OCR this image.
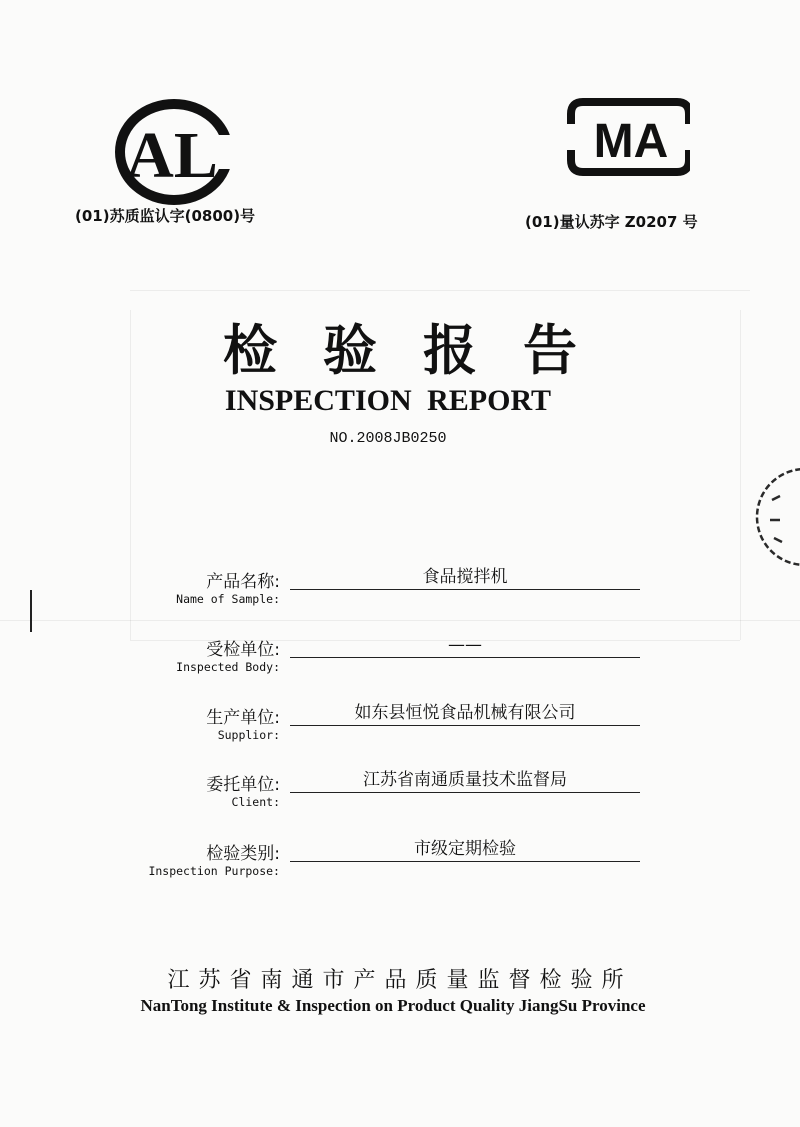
AL	MA
(01)苏质监认字(0800)号	(01)量认苏字 Z0207 号
检验报告
INSPECTION REPORT
NO.2008JB0250
产品名称:
Name of Sample:
食品搅拌机
受检单位:
Inspected Body:
——
生产单位:
Supplior:
如东县恒悦食品机械有限公司
委托单位:
Client:
江苏省南通质量技术监督局
检验类别:
Inspection Purpose:
市级定期检验
江苏省南通市产品质量监督检验所
NanTong Institute & Inspection on Product Quality JiangSu Province
